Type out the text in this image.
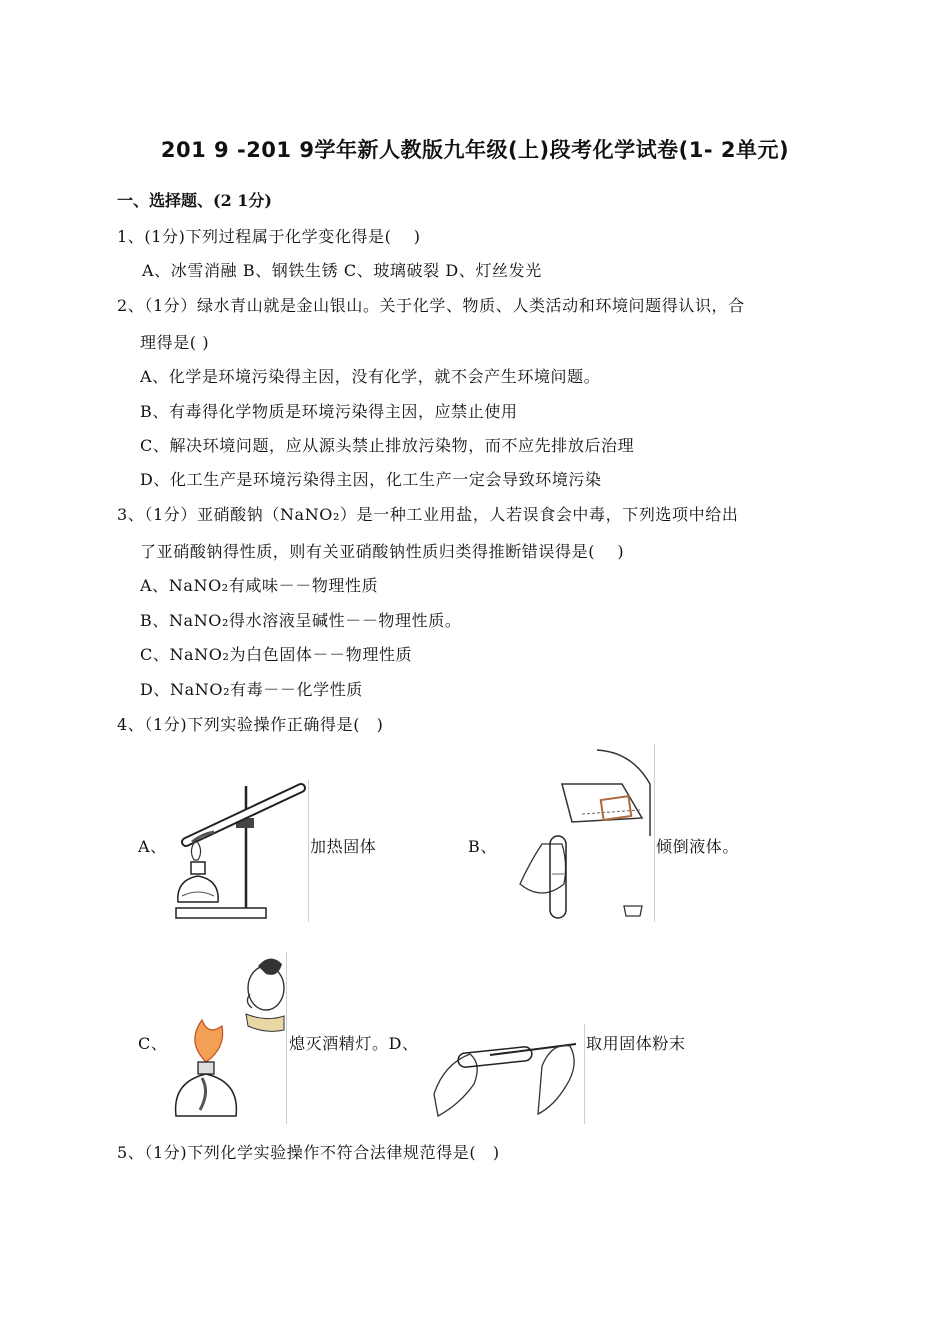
201 9 -201 9学年新人教版九年级(上)段考化学试卷(1- 2单元)
一、选择题、(2 1分)
1、(1分)下列过程属于化学变化得是(　 )
A、冰雪消融 B、钢铁生锈 C、玻璃破裂 D、灯丝发光
2、（1分）绿水青山就是金山银山。关于化学、物质、人类活动和环境问题得认识，合
理得是( )
A、化学是环境污染得主因，没有化学，就不会产生环境问题。
B、有毒得化学物质是环境污染得主因，应禁止使用
C、解决环境问题，应从源头禁止排放污染物，而不应先排放后治理
D、化工生产是环境污染得主因，化工生产一定会导致环境污染
3、（1分）亚硝酸钠（NaNO₂）是一种工业用盐，人若误食会中毒，下列选项中给出
了亚硝酸钠得性质，则有关亚硝酸钠性质归类得推断错误得是(　 )
A、NaNO₂有咸味－－物理性质
B、NaNO₂得水溶液呈碱性－－物理性质。
C、NaNO₂为白色固体－－物理性质
D、NaNO₂有毒－－化学性质
4、（1分)下列实验操作正确得是(　)
A、	加热固体	B、	倾倒液体。
C、	熄灭酒精灯。D、	取用固体粉末
5、（1分)下列化学实验操作不符合法律规范得是(　)
